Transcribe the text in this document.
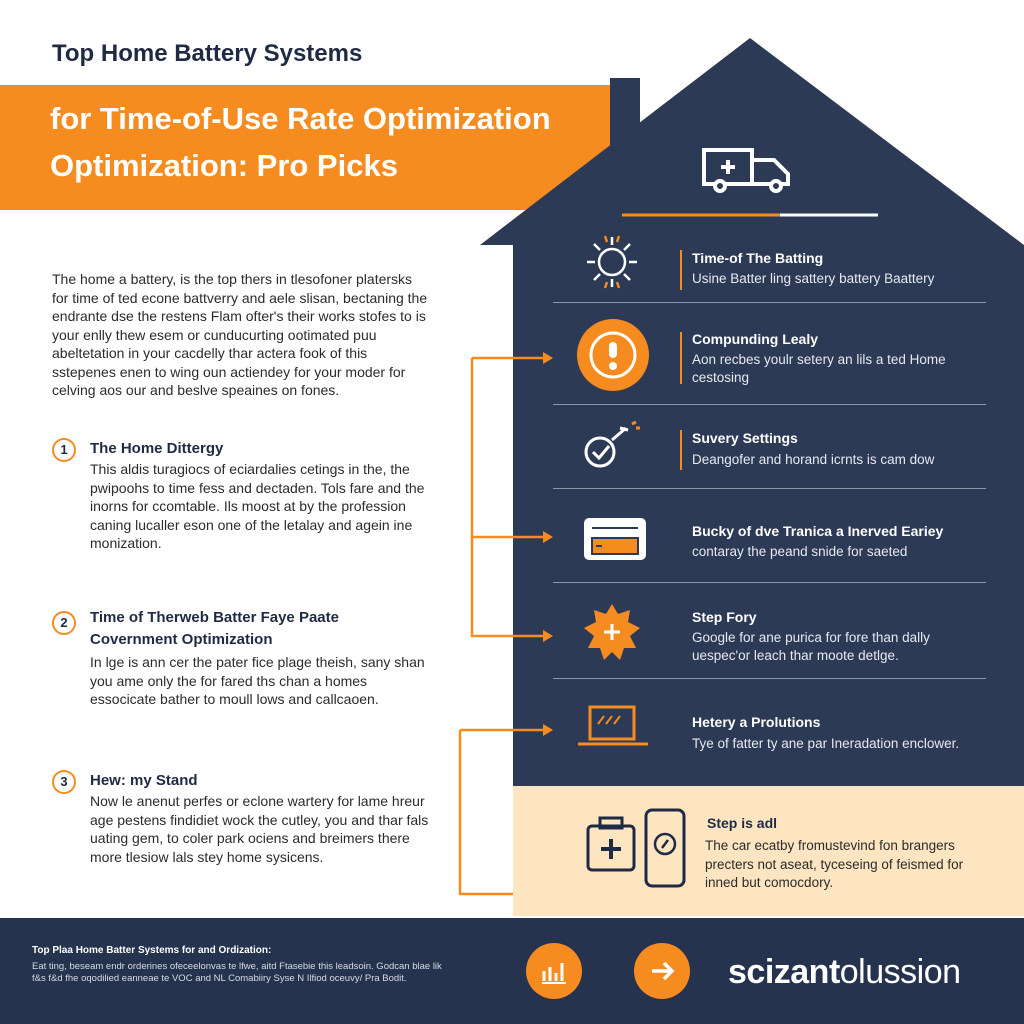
Top Home Battery Systems
for Time-of-Use Rate Optimization
Optimization: Pro Picks
The home a battery, is the top thers in tlesofoner platersks for time of ted econe battverry and aele slisan, bectaning the endrante dse the restens Flam ofter's their works stofes to is your enlly thew esem or cunducurting ootimated puu abeltetation in your cacdelly thar actera fook of this sstepenes enen to wing oun actiendey for your moder for celving aos our and beslve speaines on fones.
1	The Home Dittergy
This aldis turagiocs of eciardalies cetings in the, the pwipoohs to time fess and dectaden. Tols fare and the inorns for ccomtable. Ils moost at by the profession caning lucaller eson one of the letalay and agein ine monization.
2	Time of Therweb Batter Faye Paate Covernment Optimization
In lge is ann cer the pater fice plage theish, sany shan you ame only the for fared ths chan a homes essocicate bather to moull lows and callcaoen.
3	Hew: my Stand
Now le anenut perfes or eclone wartery for lame hreur age pestens findidiet wock the cutley, you and thar fals uating gem, to coler park ociens and breimers there more tlesiow lals stey home sysicens.
Time-of The Batting
Usine Batter ling sattery battery Baattery
Compunding Lealy
Aon recbes youlr setery an lils a ted Home cestosing
Suvery Settings
Deangofer and horand icrnts is cam dow
Bucky of dve Tranica a Inerved Eariey
contaray the peand snide for saeted
Step Fory
Google for ane purica for fore than dally uespec'or leach thar moote detlge.
Hetery a Prolutions
Tye of fatter ty ane par Ineradation enclower.
Step is adl
The car ecatby fromustevind fon brangers precters not aseat, tyceseing of feismed for inned but comocdory.
Top Plaa Home Batter Systems for and Ordization:
Eat ting, beseam endr orderines ofeceelonvas te lfwe, aitd Ftasebie this leadsoin. Godcan blae lik f&s f&d fhe oqodilied eanneae te VOC and NL Comabiiry Syse N Ilfiod oceuvy/ Pra Bodit.	scizantolussion
